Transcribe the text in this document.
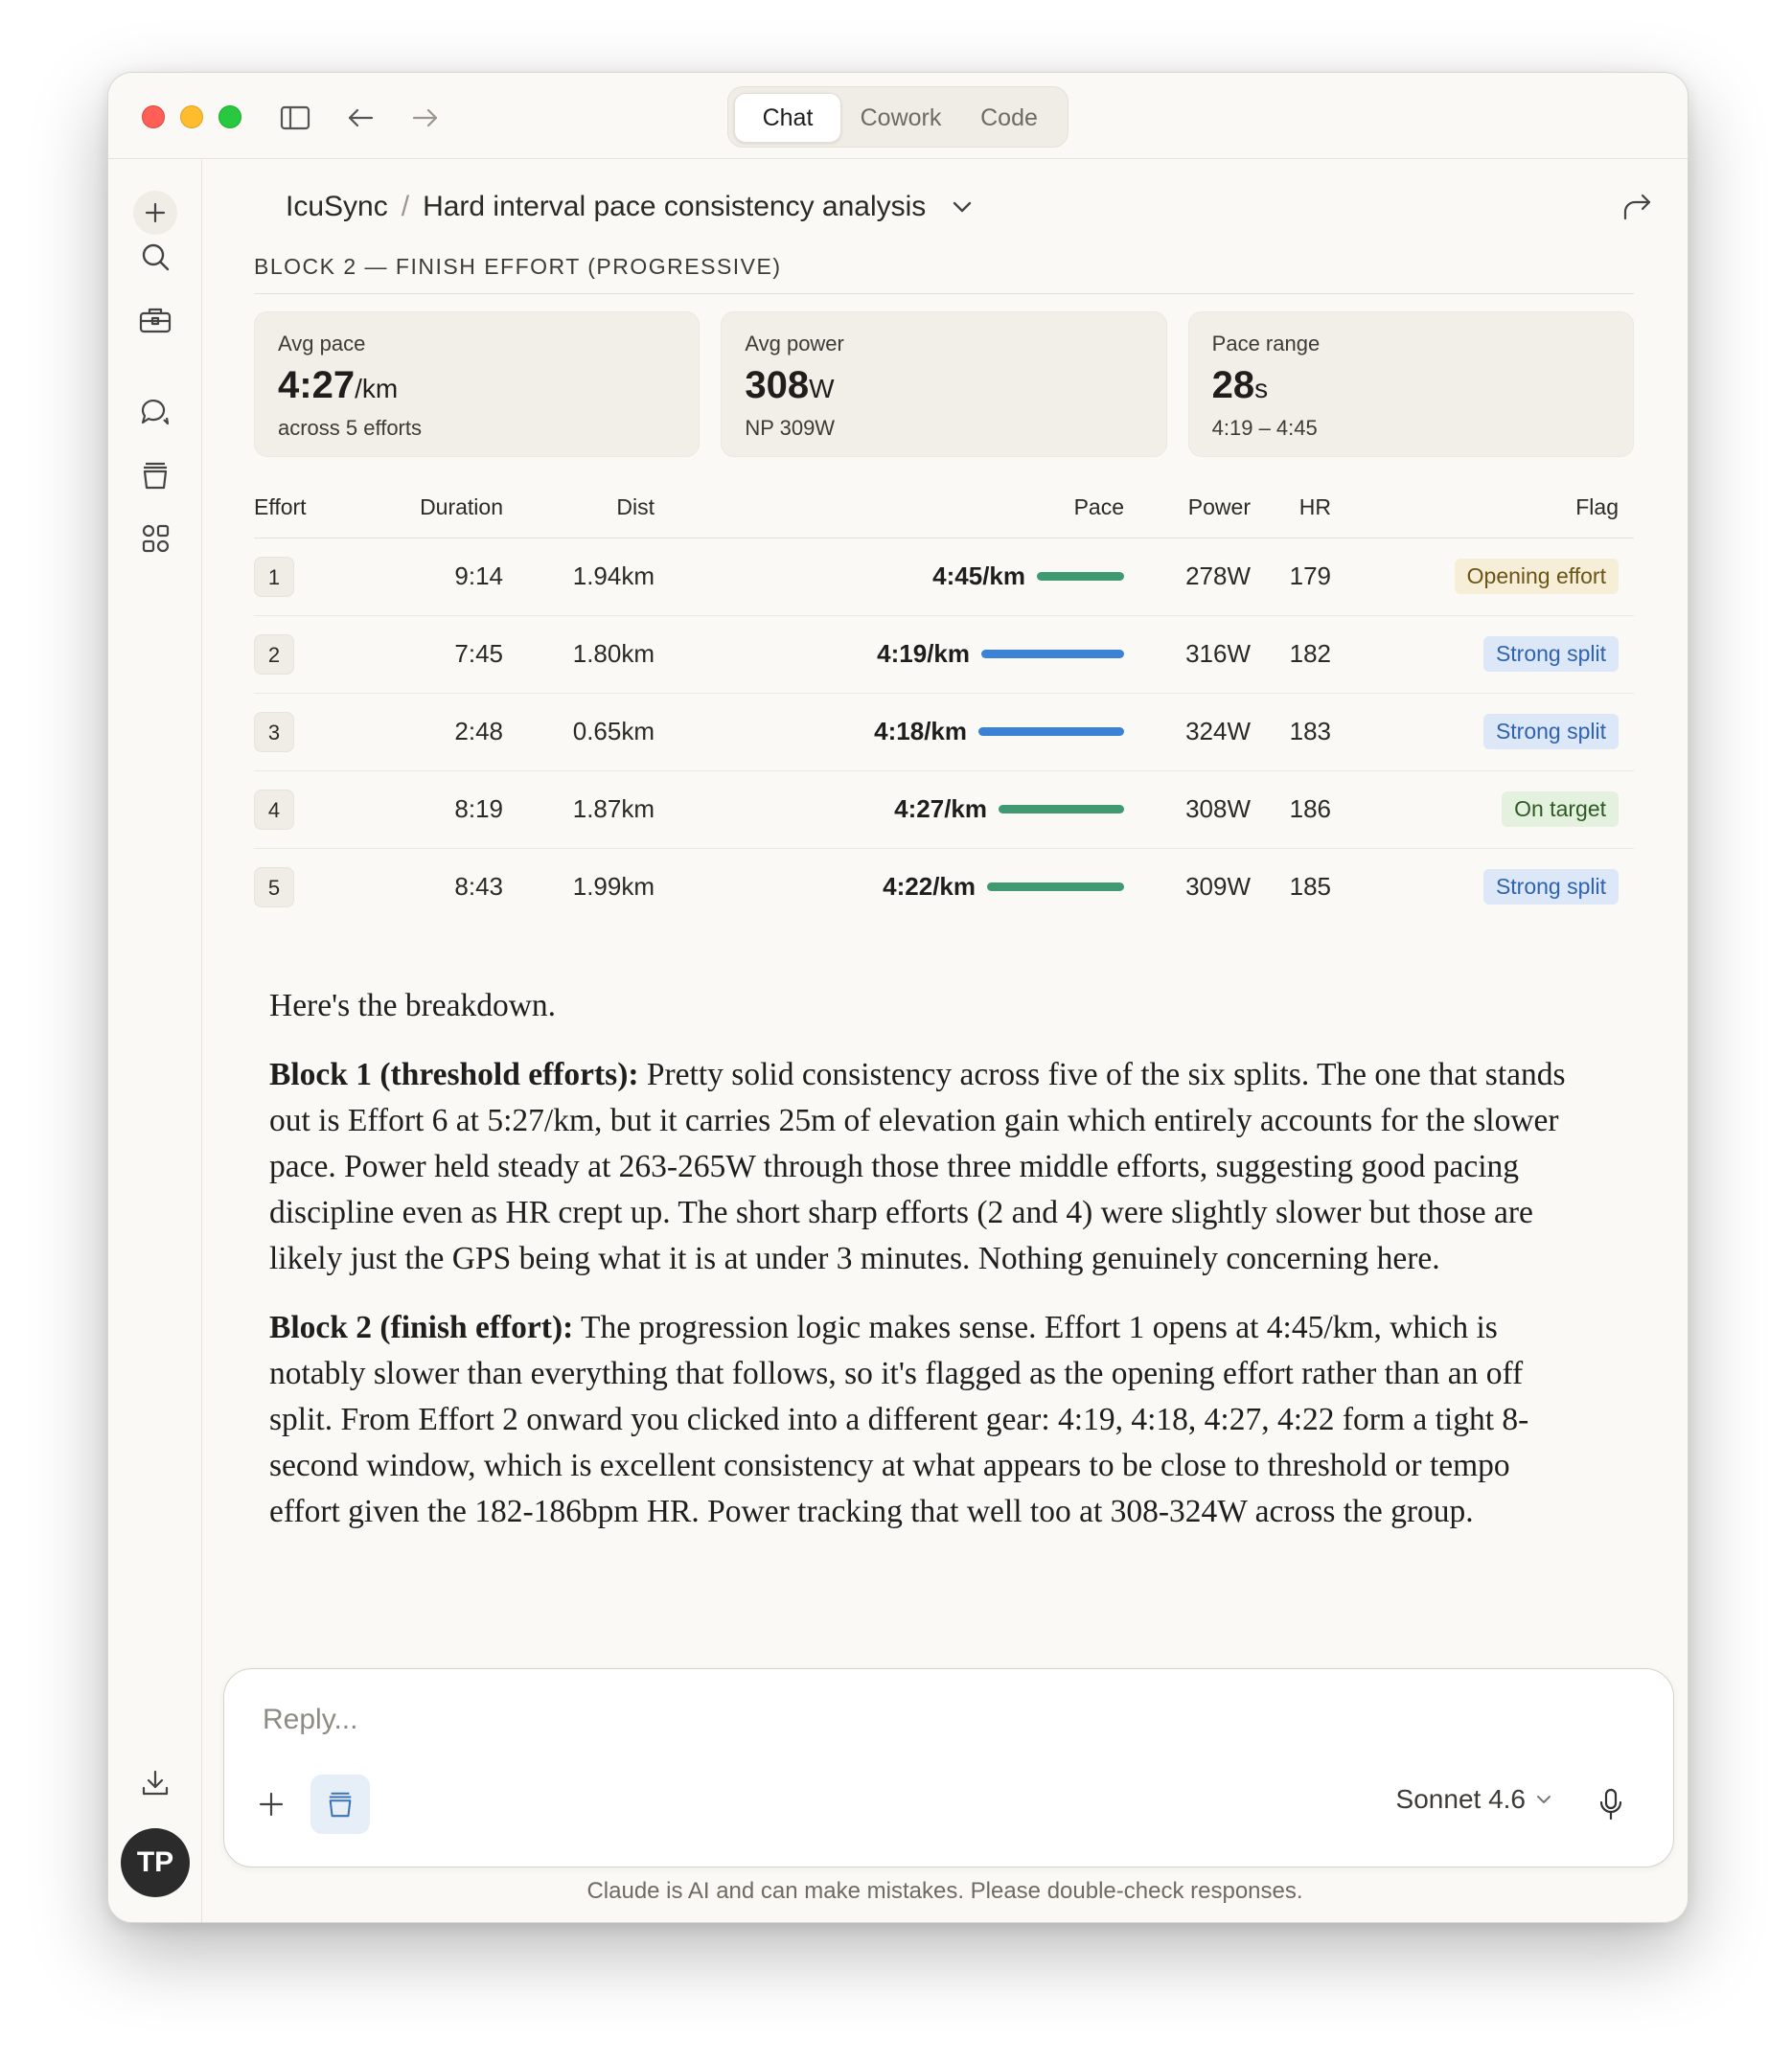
Chat	Cowork	Code
TP
IcuSync / Hard interval pace consistency analysis
BLOCK 2 — FINISH EFFORT (PROGRESSIVE)
Avg pace
4:27/km
across 5 efforts
Avg power
308W
NP 309W
Pace range
28s
4:19 – 4:45
Effort	Duration	Dist	Pace	Power	HR	Flag
1	9:14	1.94km	4:45/km	278W	179	Opening effort
2	7:45	1.80km	4:19/km	316W	182	Strong split
3	2:48	0.65km	4:18/km	324W	183	Strong split
4	8:19	1.87km	4:27/km	308W	186	On target
5	8:43	1.99km	4:22/km	309W	185	Strong split

Here's the breakdown.

Block 1 (threshold efforts): Pretty solid consistency across five of the six splits. The one that stands out is Effort 6 at 5:27/km, but it carries 25m of elevation gain which entirely accounts for the slower pace. Power held steady at 263-265W through those three middle efforts, suggesting good pacing discipline even as HR crept up. The short sharp efforts (2 and 4) were slightly slower but those are likely just the GPS being what it is at under 3 minutes. Nothing genuinely concerning here.

Block 2 (finish effort): The progression logic makes sense. Effort 1 opens at 4:45/km, which is notably slower than everything that follows, so it's flagged as the opening effort rather than an off split. From Effort 2 onward you clicked into a different gear: 4:19, 4:18, 4:27, 4:22 form a tight 8-second window, which is excellent consistency at what appears to be close to threshold or tempo effort given the 182-186bpm HR. Power tracking that well too at 308-324W across the group.

Reply...
Sonnet 4.6
Claude is AI and can make mistakes. Please double-check responses.
